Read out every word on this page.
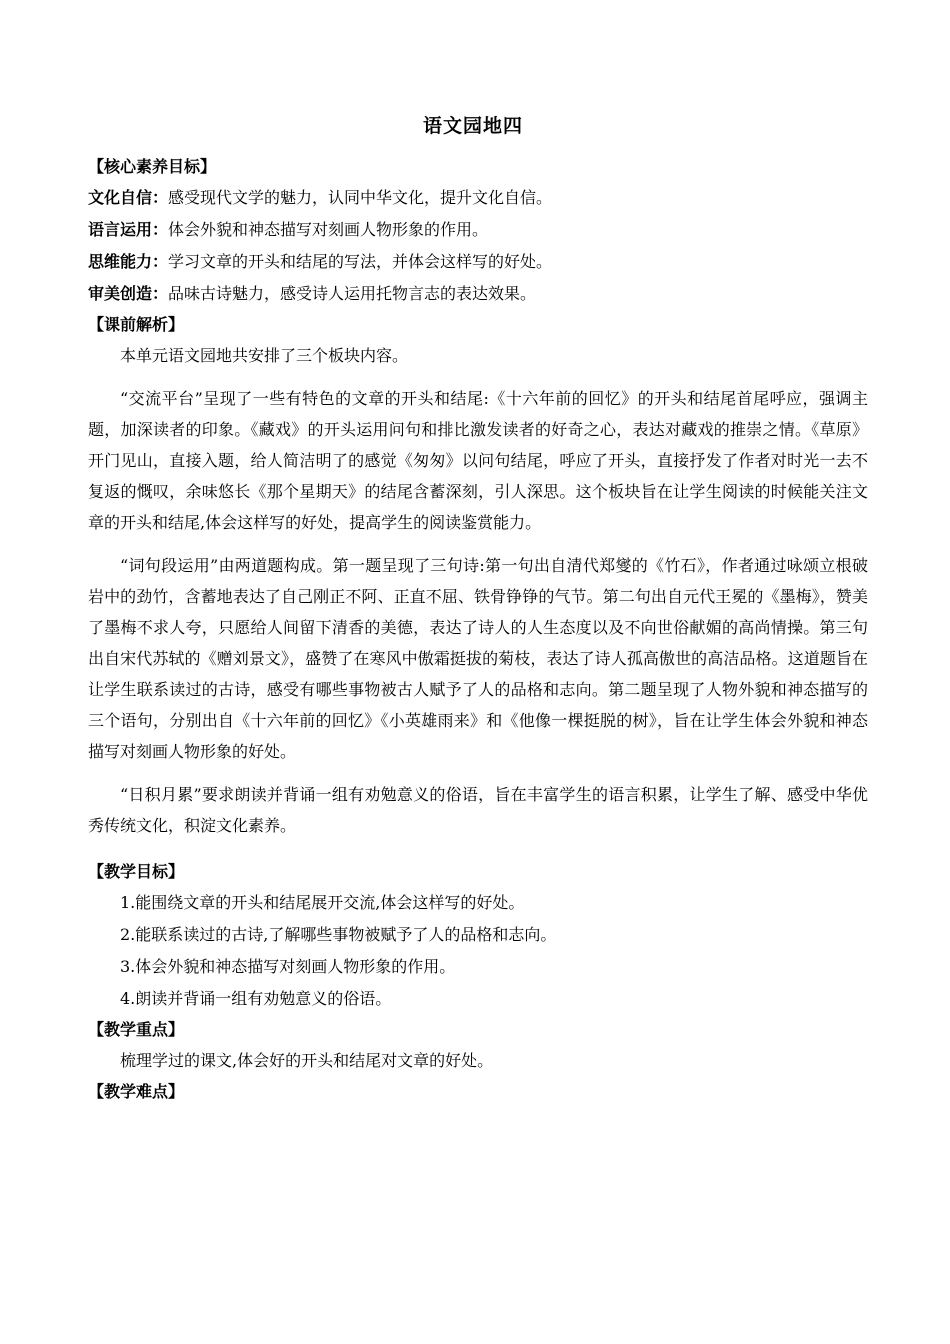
语文园地四
【核心素养目标】

文化自信：感受现代文学的魅力，认同中华文化，提升文化自信。

语言运用：体会外貌和神态描写对刻画人物形象的作用。

思维能力：学习文章的开头和结尾的写法，并体会这样写的好处。

审美创造：品味古诗魅力，感受诗人运用托物言志的表达效果。

【课前解析】

本单元语文园地共安排了三个板块内容。

“交流平台”呈现了一些有特色的文章的开头和结尾:《十六年前的回忆》的开头和结尾首尾呼应，强调主题，加深读者的印象。《藏戏》的开头运用问句和排比激发读者的好奇之心，表达对藏戏的推崇之情。《草原》开门见山，直接入题，给人简洁明了的感觉《匆匆》以问句结尾，呼应了开头，直接抒发了作者对时光一去不复返的慨叹，余味悠长《那个星期天》的结尾含蓄深刻，引人深思。这个板块旨在让学生阅读的时候能关注文章的开头和结尾,体会这样写的好处，提高学生的阅读鉴赏能力。

“词句段运用”由两道题构成。第一题呈现了三句诗:第一句出自清代郑燮的《竹石》，作者通过咏颂立根破岩中的劲竹，含蓄地表达了自己刚正不阿、正直不屈、铁骨铮铮的气节。第二句出自元代王冕的《墨梅》，赞美了墨梅不求人夸，只愿给人间留下清香的美德，表达了诗人的人生态度以及不向世俗献媚的高尚情操。第三句出自宋代苏轼的《赠刘景文》，盛赞了在寒风中傲霜挺拔的菊枝，表达了诗人孤高傲世的高洁品格。这道题旨在让学生联系读过的古诗，感受有哪些事物被古人赋予了人的品格和志向。第二题呈现了人物外貌和神态描写的三个语句，分别出自《十六年前的回忆》《小英雄雨来》和《他像一棵挺脱的树》，旨在让学生体会外貌和神态描写对刻画人物形象的好处。

“日积月累”要求朗读并背诵一组有劝勉意义的俗语，旨在丰富学生的语言积累，让学生了解、感受中华优秀传统文化，积淀文化素养。

【教学目标】

1.能围绕文章的开头和结尾展开交流,体会这样写的好处。

2.能联系读过的古诗,了解哪些事物被赋予了人的品格和志向。

3.体会外貌和神态描写对刻画人物形象的作用。

4.朗读并背诵一组有劝勉意义的俗语。

【教学重点】

梳理学过的课文,体会好的开头和结尾对文章的好处。

【教学难点】
